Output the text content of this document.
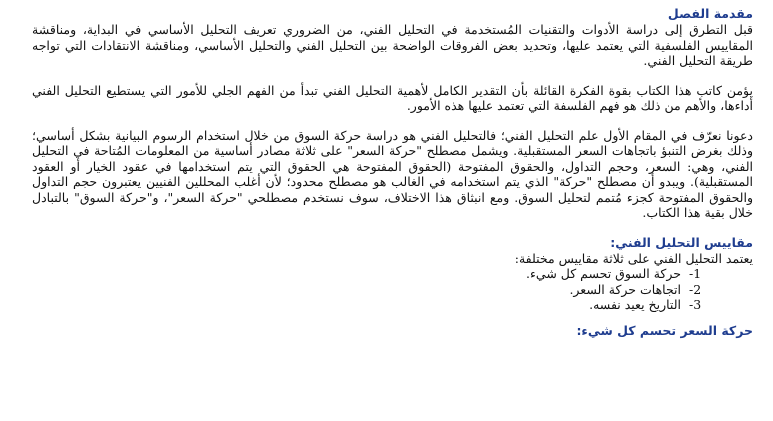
مقدمة الفصل

قبل التطرق إلى دراسة الأدوات والتقنيات المُستخدمة في التحليل الفني، من الضروري تعريف التحليل الأساسي في البداية، ومناقشة المقاييس الفلسفية التي يعتمد عليها، وتحديد بعض الفروقات الواضحة بين التحليل الفني والتحليل الأساسي، ومناقشة الانتقادات التي تواجه طريقة التحليل الفني.

يؤمن كاتب هذا الكتاب بقوة الفكرة القائلة بأن التقدير الكامل لأهمية التحليل الفني تبدأ من الفهم الجلي للأمور التي يستطيع التحليل الفني أداءها، والأهم من ذلك هو فهم الفلسفة التي تعتمد عليها هذه الأمور.

دعونا نعرّف في المقام الأول علم التحليل الفني؛ فالتحليل الفني هو دراسة حركة السوق من خلال استخدام الرسوم البيانية بشكل أساسي؛ وذلك بغرض التنبؤ باتجاهات السعر المستقبلية. ويشمل مصطلح "حركة السعر" على ثلاثة مصادر أساسية من المعلومات المُتاحة في التحليل الفني، وهي: السعر، وحجم التداول، والحقوق المفتوحة (الحقوق المفتوحة هي الحقوق التي يتم استخدامها في عقود الخيار أو العقود المستقبلية). ويبدو أن مصطلح "حركة" الذي يتم استخدامه في الغالب هو مصطلح محدود؛ لأن أغلب المحللين الفنيين يعتبرون حجم التداول والحقوق المفتوحة كجزء مُتمم لتحليل السوق. ومع انبثاق هذا الاختلاف، سوف نستخدم مصطلحي "حركة السعر"، و"حركة السوق" بالتبادل خلال بقية هذا الكتاب.

مقاييس التحليل الفني:

يعتمد التحليل الفني على ثلاثة مقاييس مختلفة:

-1
حركة السوق تحسم كل شيء.
-2
اتجاهات حركة السعر.
-3
التاريخ يعيد نفسه.
حركة السعر تحسم كل شيء:
